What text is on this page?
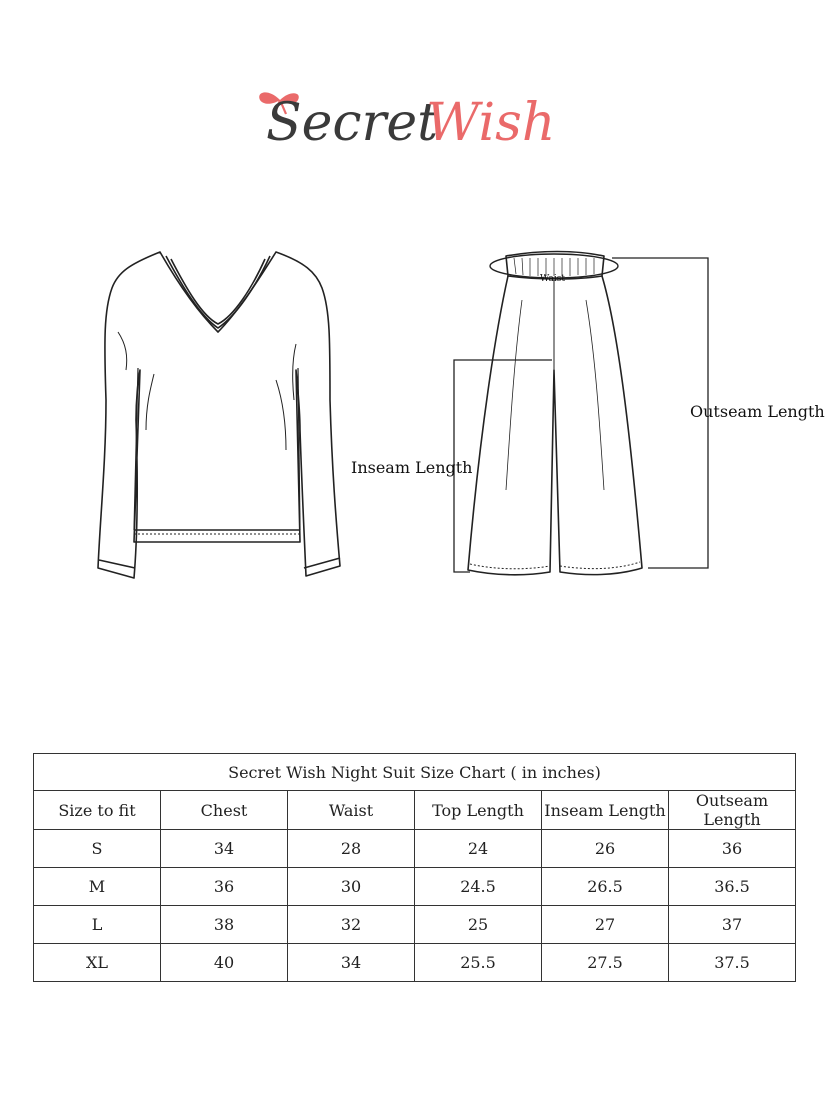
Secret
Wish
Inseam Length
Outseam Length
Waist
Secret Wish Night Suit Size Chart ( in inches)					
Size to fit	Chest	Waist	Top Length	Inseam Length	Outseam Length
S	34	28	24	26	36
M	36	30	24.5	26.5	36.5
L	38	32	25	27	37
XL	40	34	25.5	27.5	37.5
